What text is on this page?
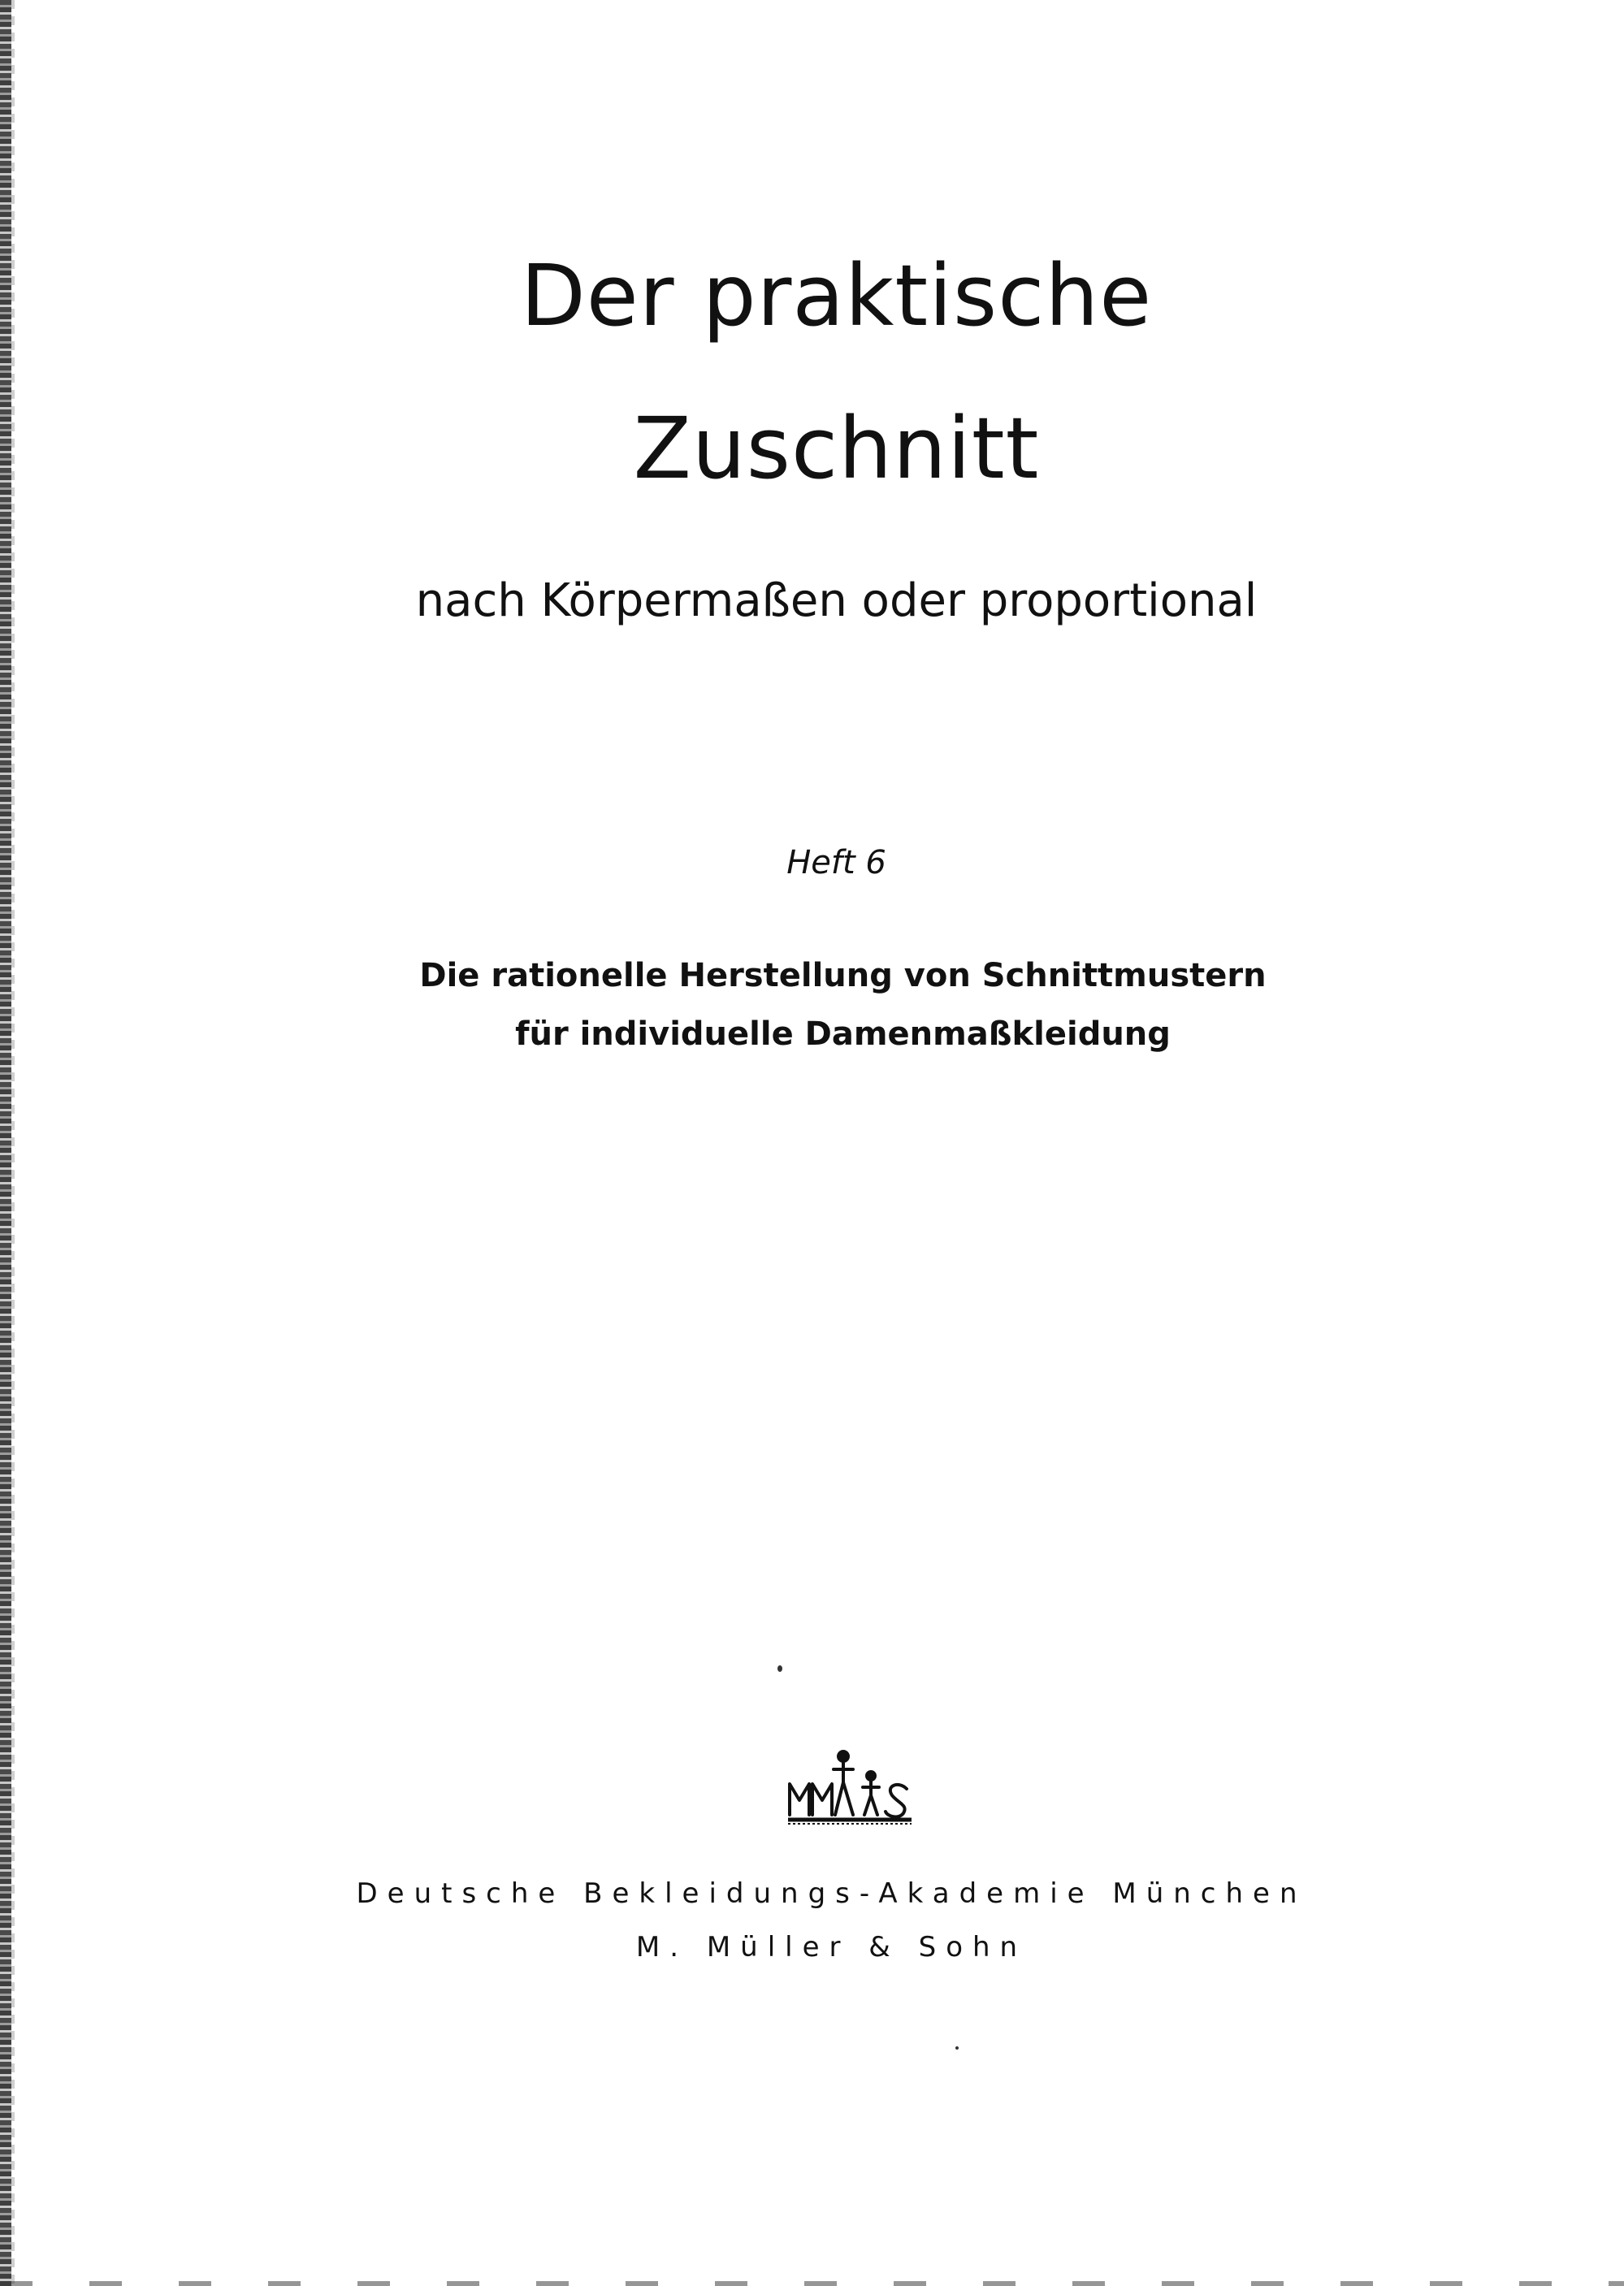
Der praktische
Zuschnitt
nach Körpermaßen oder proportional
Heft 6
Die rationelle Herstellung von Schnittmustern
für individuelle Damenmaßkleidung
Deutsche Bekleidungs-Akademie München
M. Müller & Sohn
